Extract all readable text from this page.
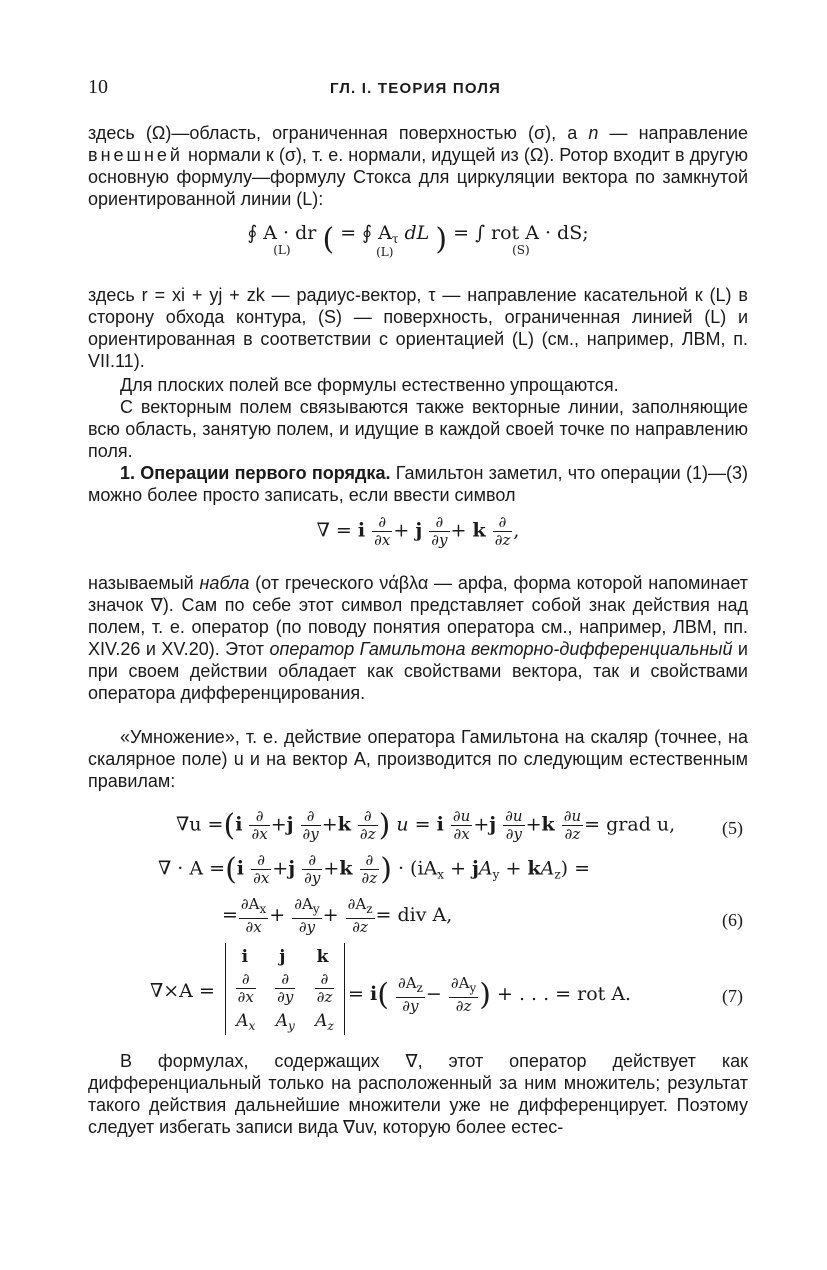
10	ГЛ. I. ТЕОРИЯ ПОЛЯ
здесь (Ω)—область, ограниченная поверхностью (σ), а n — направление внешней нормали к (σ), т. е. нормали, идущей из (Ω). Ротор входит в другую основную формулу—формулу Стокса для циркуляции вектора по замкнутой ориентированной линии (L):
∮ A · dr
(L)	( = ∮ $A_\tau$ dL
(L)	) = ∫ rot A · dS;
(S)
здесь r = xi + yj + zk — радиус-вектор, τ — направление касательной к (L) в сторону обхода контура, (S) — поверхность, ограниченная линией (L) и ориентированная в соответствии с ориентацией (L) (см., например, ЛВМ, п. VII.11).
Для плоских полей все формулы естественно упрощаются.
С векторным полем связываются также векторные линии, заполняющие всю область, занятую полем, и идущие в каждой своей точке по направлению поля.
1. Операции первого порядка. Гамильтон заметил, что операции (1)—(3) можно более просто записать, если ввести символ
∇ = i $\frac{\partial}{\partial x} + j \frac{\partial}{\partial y} + k \frac{\partial}{\partial z}$ ,
называемый набла (от греческого νάβλα — арфа, форма которой напоминает значок ∇). Сам по себе этот символ представляет собой знак действия над полем, т. е. оператор (по поводу понятия оператора см., например, ЛВМ, пп. XIV.26 и XV.20). Этот оператор Гамильтона векторно-дифференциальный и при своем действии обладает как свойствами вектора, так и свойствами оператора дифференцирования.
«Умножение», т. е. действие оператора Гамильтона на скаляр (точнее, на скалярное поле) u и на вектор A, производится по следующим естественным правилам:
$\nabla u =(i \frac{\partial}{\partial x} +j \frac{\partial}{\partial y} +k \frac{\partial}{\partial z}$ ) u = i $\frac{\partial u}{\partial x} +j \frac{\partial u}{\partial y} +k \frac{\partial u}{\partial z}$ = grad u,	(5)
∇ · $A =(i \frac{\partial}{\partial x} +j \frac{\partial}{\partial y} +k \frac{\partial}{\partial z}$ ) · $(iA_x + jA_y + kA_z)$ =
= $\frac{\partial A_x}{\partial x} + \frac{\partial A_y}{\partial y} + \frac{\partial A_z}{\partial z}$ = div A,	(6)
∇×A =
i j k
$\frac{\partial}{\partial x} \frac{\partial}{\partial y} \frac{\partial}{\partial z}$
$A_x$ $A_y$ $A_z$
= $i( \frac{\partial A_z}{\partial y} - \frac{\partial A_y}{\partial z}$ ) + . . . = rot A.	(7)
В формулах, содержащих ∇, этот оператор действует как дифференциальный только на расположенный за ним множитель; результат такого действия дальнейшие множители уже не дифференцирует. Поэтому следует избегать записи вида ∇uv, которую более естес-
